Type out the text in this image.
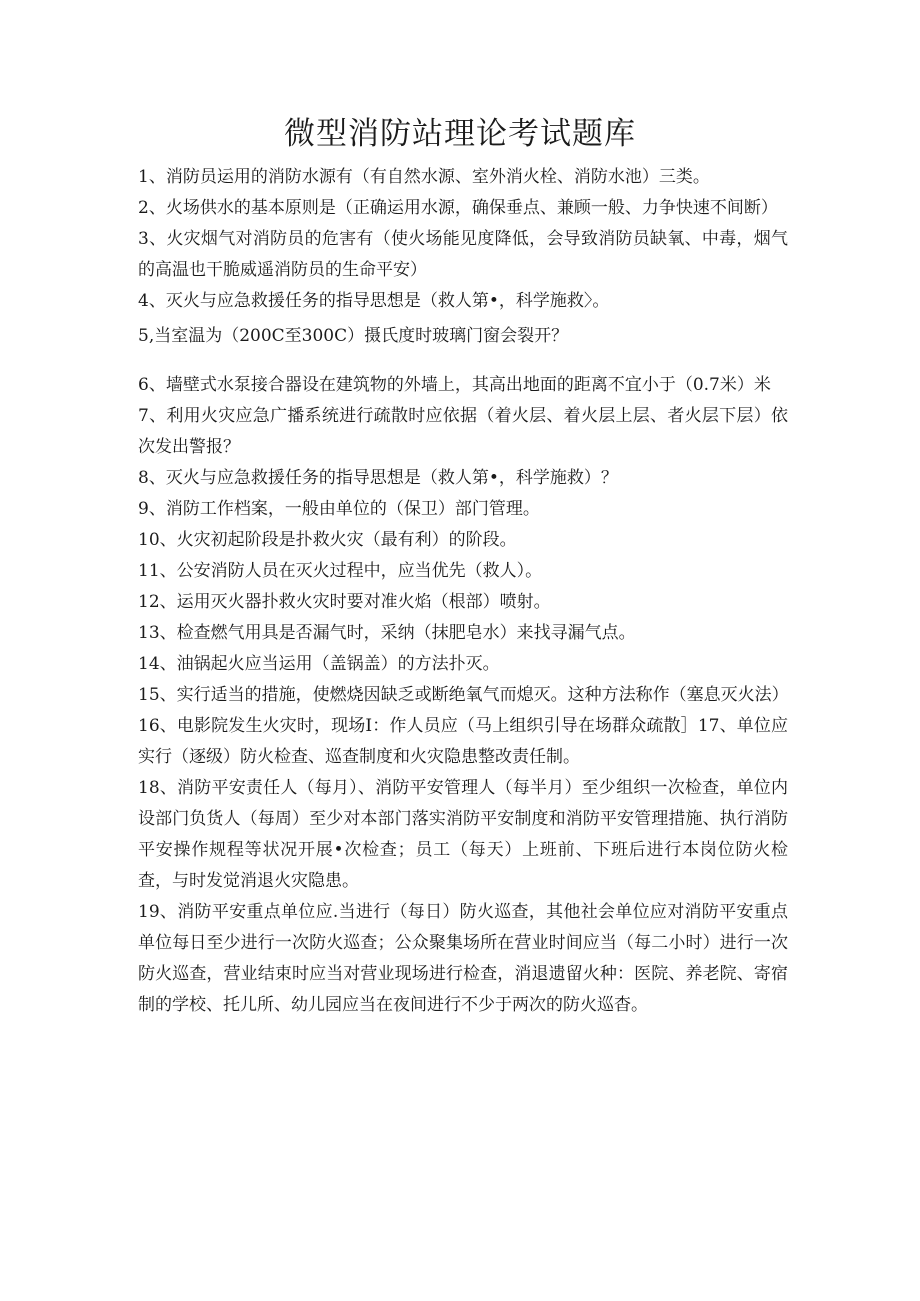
微型消防站理论考试题库

1、消防员运用的消防水源有（有自然水源、室外消火栓、消防水池）三类。

2、火场供水的基本原则是（正确运用水源，确保垂点、兼顾一般、力争快速不间断）

3、火灾烟气对消防员的危害有（使火场能见度降低，会导致消防员缺氧、中毒，烟气的高温也干脆威遥消防员的生命平安）

4、灭火与应急救援任务的指导思想是（救人第•，科学施救〉。

5,当室温为（200C至300C）摄氏度时玻璃门窗会裂开？

6、墙壁式水泵接合器设在建筑物的外墙上，其高出地面的距离不宜小于（0.7米）米

7、利用火灾应急广播系统进行疏散时应依据（着火层、着火层上层、者火层下层）依次发出警报？

8、灭火与应急救援任务的指导思想是（救人第•，科学施救）？

9、消防工作档案，一般由单位的（保卫）部门管理。

10、火灾初起阶段是扑救火灾（最有利）的阶段。

11、公安消防人员在灭火过程中，应当优先（救人）。

12、运用灭火器扑救火灾时要对准火焰（根部）喷射。

13、检查燃气用具是否漏气时，采纳（抹肥皂水）来找寻漏气点。

14、油锅起火应当运用（盖锅盖）的方法扑灭。

15、实行适当的措施，使燃烧因缺乏或断绝氧气而熄灭。这种方法称作（塞息灭火法）

16、电影院发生火灾时，现场I：作人员应（马上组织引导在场群众疏散］17、单位应实行（逐级）防火检查、巡查制度和火灾隐患整改责任制。

18、消防平安责任人（每月）、消防平安管理人（每半月）至少组织一次检查，单位内设部门负货人（每周）至少对本部门落实消防平安制度和消防平安管理措施、执行消防平安操作规程等状况开展•次检查；员工（每天）上班前、下班后进行本岗位防火检查，与时发觉消退火灾隐患。

19、消防平安重点单位应.当进行（每日）防火巡查，其他社会单位应对消防平安重点单位每日至少进行一次防火巡查；公众聚集场所在营业时间应当（每二小时）进行一次防火巡查，营业结束时应当对营业现场进行检查，消退遗留火种：医院、养老院、寄宿制的学校、托儿所、幼儿园应当在夜间进行不少于两次的防火巡杳。
